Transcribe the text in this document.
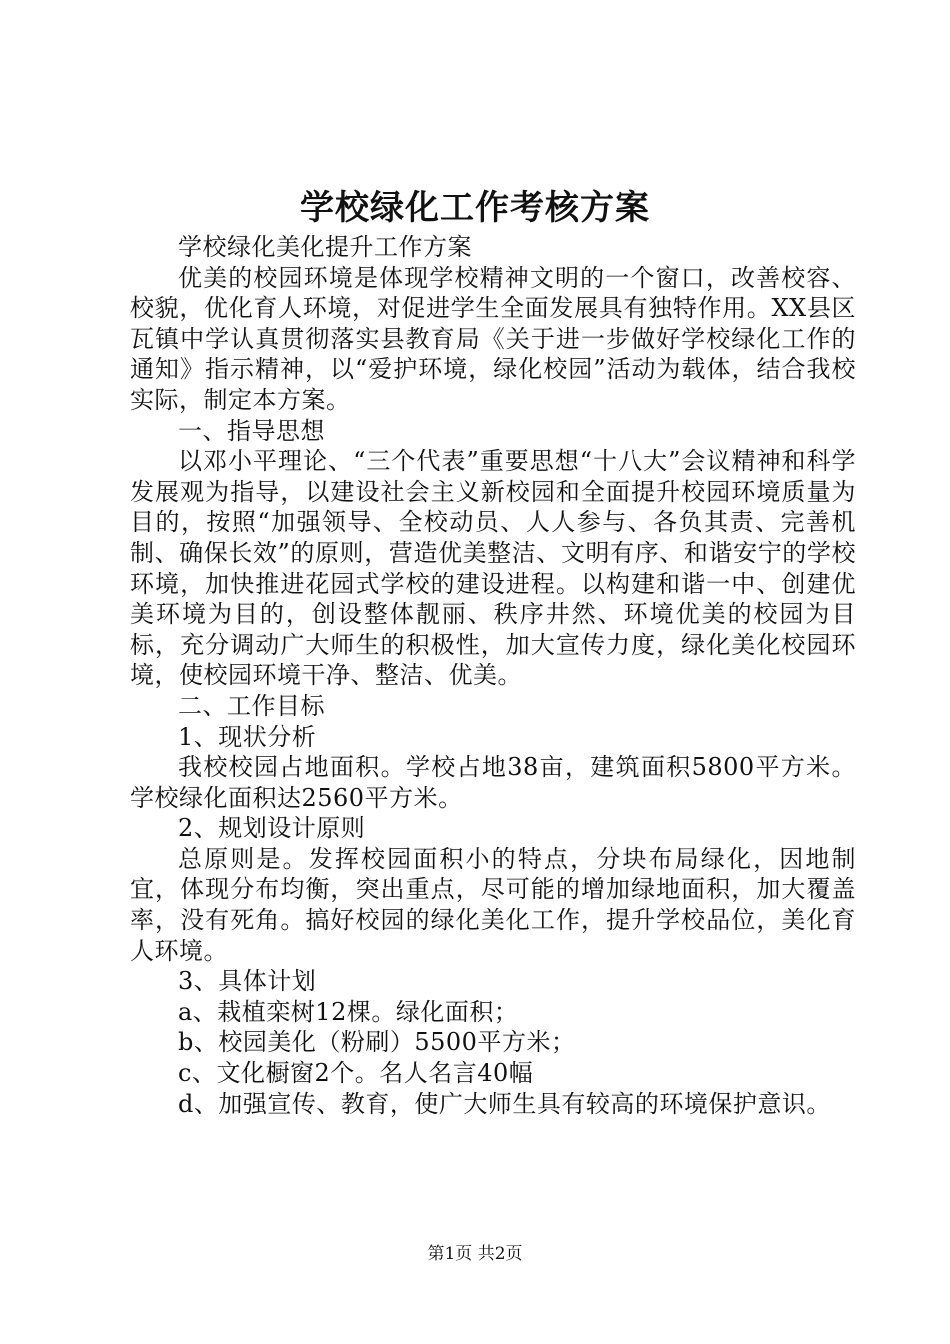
学校绿化工作考核方案

学校绿化美化提升工作方案

优美的校园环境是体现学校精神文明的一个窗口，改善校容、校貌，优化育人环境，对促进学生全面发展具有独特作用。XX县区瓦镇中学认真贯彻落实县教育局《关于进一步做好学校绿化工作的通知》指示精神，以“爱护环境，绿化校园”活动为载体，结合我校实际，制定本方案。

一、指导思想

以邓小平理论、“三个代表”重要思想“十八大”会议精神和科学发展观为指导，以建设社会主义新校园和全面提升校园环境质量为目的，按照“加强领导、全校动员、人人参与、各负其责、完善机制、确保长效”的原则，营造优美整洁、文明有序、和谐安宁的学校环境，加快推进花园式学校的建设进程。以构建和谐一中、创建优美环境为目的，创设整体靓丽、秩序井然、环境优美的校园为目标，充分调动广大师生的积极性，加大宣传力度，绿化美化校园环境，使校园环境干净、整洁、优美。

二、工作目标

1、现状分析

我校校园占地面积。学校占地38亩，建筑面积5800平方米。学校绿化面积达2560平方米。

2、规划设计原则

总原则是。发挥校园面积小的特点，分块布局绿化，因地制宜，体现分布均衡，突出重点，尽可能的增加绿地面积，加大覆盖率，没有死角。搞好校园的绿化美化工作，提升学校品位，美化育人环境。

3、具体计划

a、栽植栾树12棵。绿化面积；

b、校园美化（粉刷）5500平方米；

c、文化橱窗2个。名人名言40幅

d、加强宣传、教育，使广大师生具有较高的环境保护意识。

第1页 共2页
